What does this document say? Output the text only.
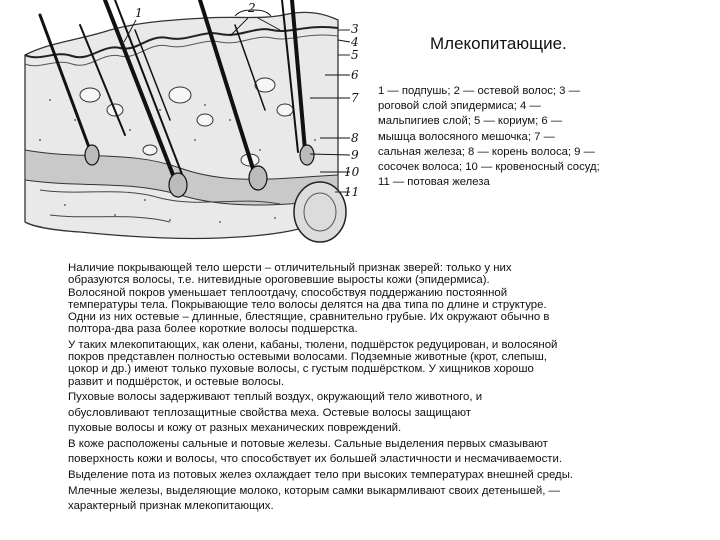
1	2
3
4
5
6
7
8
9
10
11
Млекопитающие.
1 — подпушь; 2 — остевой волос; 3 —
роговой слой эпидермиса; 4 —
мальпигиев слой; 5 — кориум; 6 —
мышца волосяного мешочка; 7 —
сальная железа; 8 — корень волоса; 9 —
сосочек волоса; 10 — кровеносный сосуд;
11 — потовая железа

Наличие покрывающей тело шерсти – отличительный признак зверей: только у них

образуются волосы, т.е. нитевидные ороговевшие выросты кожи (эпидермиса).

Волосяной покров уменьшает теплоотдачу, способствуя поддержанию постоянной

температуры тела. Покрывающие тело волосы делятся на два типа по длине и структуре.

Одни из них остевые – длинные, блестящие, сравнительно грубые. Их окружают обычно в

полтора-два раза более короткие волосы подшерстка.

У таких млекопитающих, как олени, кабаны, тюлени, подшёрсток редуцирован, и волосяной

покров представлен полностью остевыми волосами. Подземные животные (крот, слепыш,

цокор и др.) имеют только пуховые волосы, с густым подшёрстком. У хищников хорошо

развит и подшёрсток, и остевые волосы.

Пуховые волосы задерживают теплый воздух, окружающий тело животного, и

обусловливают теплозащитные свойства меха. Остевые волосы защищают

пуховые волосы и кожу от разных механических повреждений.

В коже расположены сальные и потовые железы. Сальные выделения первых смазывают

поверхность кожи и волосы, что способствует их большей эластичности и несмачиваемости.

Выделение пота из потовых желез охлаждает тело при высоких температурах внешней среды.

Млечные железы, выделяющие молоко, которым самки выкармливают своих детенышей, —

характерный признак млекопитающих.
